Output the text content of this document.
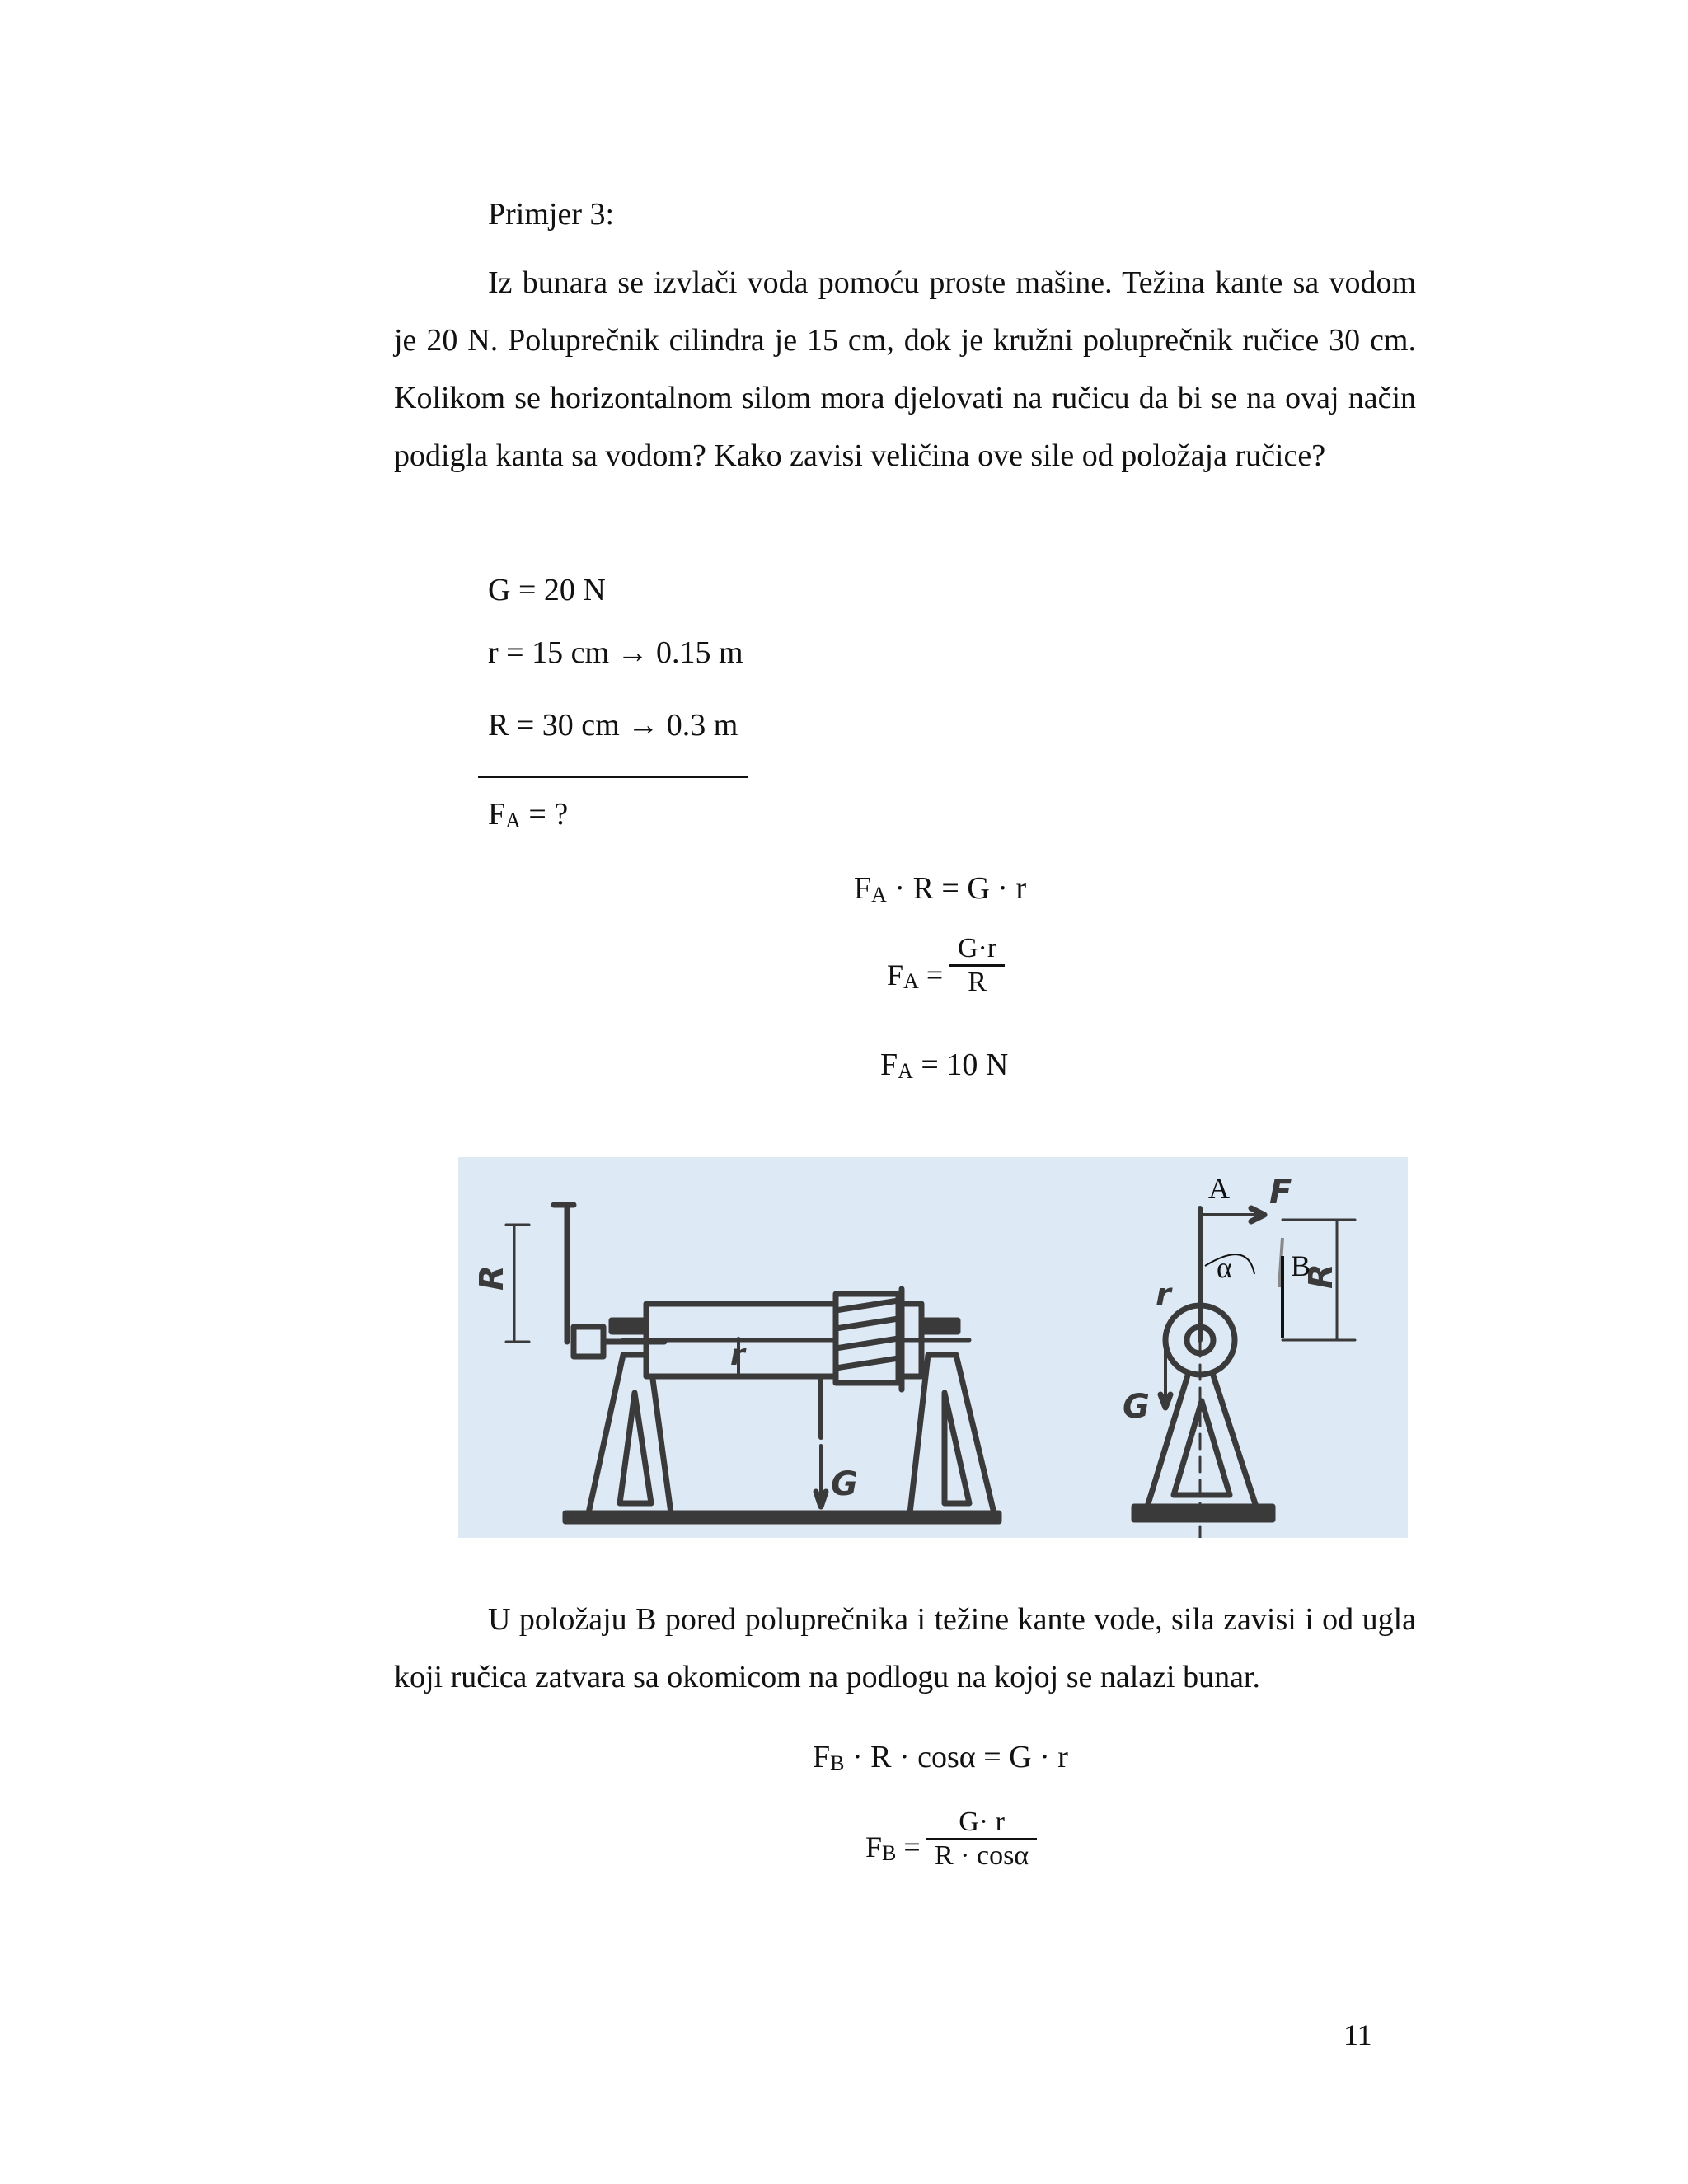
Primjer 3:

Iz bunara se izvlači voda pomoću proste mašine. Težina kante sa vodom je 20 N. Poluprečnik cilindra je 15 cm, dok je kružni poluprečnik ručice 30 cm. Kolikom se horizontalnom silom mora djelovati na ručicu da bi se na ovaj način podigla kanta sa vodom? Kako zavisi veličina ove sile od položaja ručice?

G = 20 N
r = 15 cm → 0.15 m
R = 30 cm → 0.3 m
FA = ?
FA · R = G · r
FA = $\frac{G\cdot r}{R}$
FA = 10 N
R
r
G
F
R
r
G
A
α B

U položaju B pored poluprečnika i težine kante vode, sila zavisi i od ugla koji ručica zatvara sa okomicom na podlogu na kojoj se nalazi bunar.

FB · R · cosα = G · r
FB = $\frac{G\cdot r}{R \cdot \cos\alpha}$
11
